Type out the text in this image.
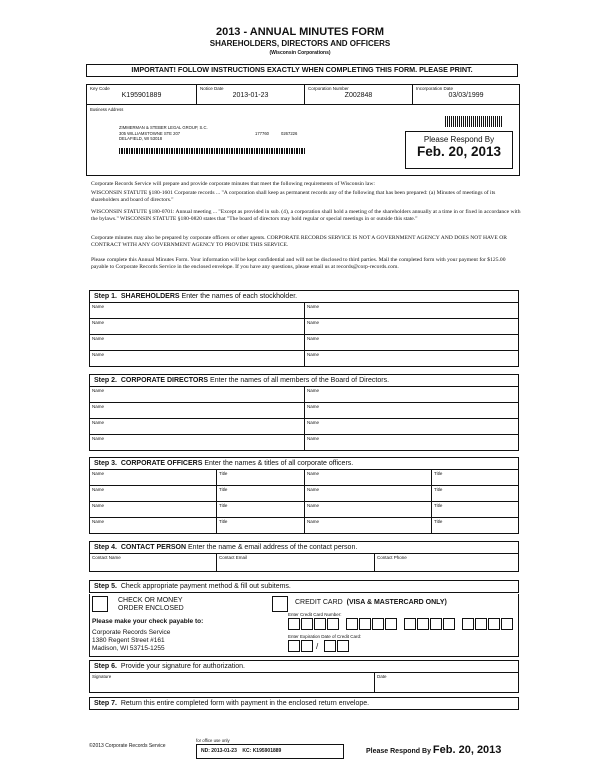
2013 - ANNUAL MINUTES FORM
SHAREHOLDERS, DIRECTORS AND OFFICERS
(Wisconsin Corporations)
IMPORTANT! FOLLOW INSTRUCTIONS EXACTLY WHEN COMPLETING THIS FORM. PLEASE PRINT.
Key Code
K195901889
Notice Date
2013-01-23
Corporation Number
Z002848
Incorporation Date
03/03/1999
Business Address
ZIMMERMAN & STEBER LEGAL GROUP, S.C.
305 WILLIAMSTOWNE STE 207	177760	0267226
DELAFIELD, WI 53018	Please Respond By
Feb. 20, 2013
Corporate Records Service will prepare and provide corporate minutes that meet the following requirements of Wisconsin law:
WISCONSIN STATUTE §180-1601 Corporate records ... "A corporation shall keep as permanent records any of the following that has been prepared: (a) Minutes of meetings of its shareholders and board of directors."
WISCONSIN STATUTE §180-0701: Annual meeting ... "Except as provided in sub. (4), a corporation shall hold a meeting of the shareholders annually at a time in or fixed in accordance with the bylaws." WISCONSIN STATUTE §180-0820 states that "The board of directors may hold regular or special meetings in or outside this state."
Corporate minutes may also be prepared by corporate officers or other agents. CORPORATE RECORDS SERVICE IS NOT A GOVERNMENT AGENCY AND DOES NOT HAVE OR CONTRACT WITH ANY GOVERNMENT AGENCY TO PROVIDE THIS SERVICE.
Please complete this Annual Minutes Form. Your information will be kept confidential and will not be disclosed to third parties. Mail the completed form with your payment for $125.00 payable to Corporate Records Service in the enclosed envelope. If you have any questions, please email us at records@corp-records.com.
Step 1. SHAREHOLDERS Enter the names of each stockholder.
Name	Name
Name	Name
Name	Name
Name	Name
Step 2. CORPORATE DIRECTORS Enter the names of all members of the Board of Directors.
Name	Name
Name	Name
Name	Name
Name	Name
Step 3. CORPORATE OFFICERS Enter the names & titles of all corporate officers.
Name	Title	Name	Title
Name	Title	Name	Title
Name	Title	Name	Title
Name	Title	Name	Title
Step 4. CONTACT PERSON Enter the name & email address of the contact person.
Contact Name	Contact Email	Contact Phone
Step 5. Check appropriate payment method & fill out subitems.
CHECK OR MONEY
ORDER ENCLOSED
Please make your check payable to:
Corporate Records Service
1380 Regent Street #161
Madison, WI 53715-1255
CREDIT CARD (VISA & MASTERCARD ONLY)
Enter Credit Card Number:
Enter Expiration Date of Credit Card:
/
Step 6. Provide your signature for authorization.
Signature	Date
Step 7. Return this entire completed form with payment in the enclosed return envelope.
©2013 Corporate Records Service
for office use only
ND: 2013-01-23 KC: K195901889	Please Respond By Feb. 20, 2013
